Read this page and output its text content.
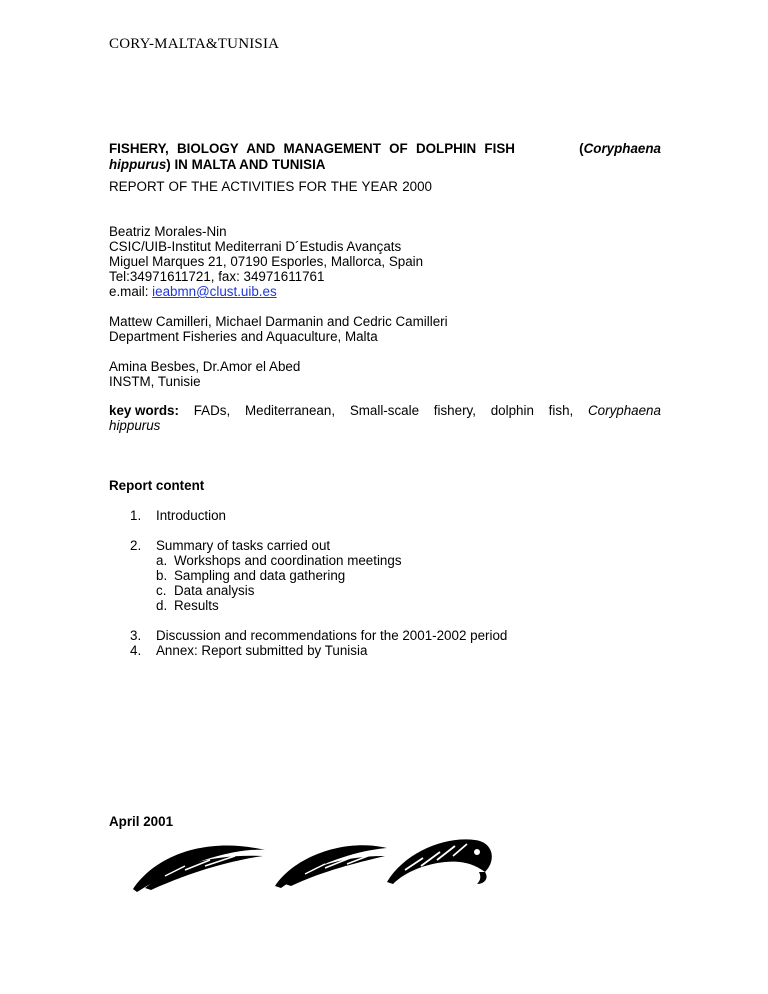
CORY-MALTA&TUNISIA
FISHERY, BIOLOGY AND MANAGEMENT OF DOLPHIN FISH	(Coryphaena
hippurus) IN MALTA AND TUNISIA
REPORT OF THE ACTIVITIES FOR THE YEAR 2000
Beatriz Morales-Nin
CSIC/UIB-Institut Mediterrani D´Estudis Avançats
Miguel Marques 21, 07190 Esporles, Mallorca, Spain
Tel:34971611721, fax: 34971611761
e.mail: ieabmn@clust.uib.es
Mattew Camilleri, Michael Darmanin and Cedric Camilleri
Department Fisheries and Aquaculture, Malta
Amina Besbes, Dr.Amor el Abed
INSTM, Tunisie
key words: FADs, Mediterranean, Small-scale fishery, dolphin fish, Coryphaena
hippurus
Report content
1.	Introduction
2.	Summary of tasks carried out
a. Workshops and coordination meetings
b. Sampling and data gathering
c. Data analysis
d. Results
3.	Discussion and recommendations for the 2001-2002 period
4.	Annex: Report submitted by Tunisia
April 2001
